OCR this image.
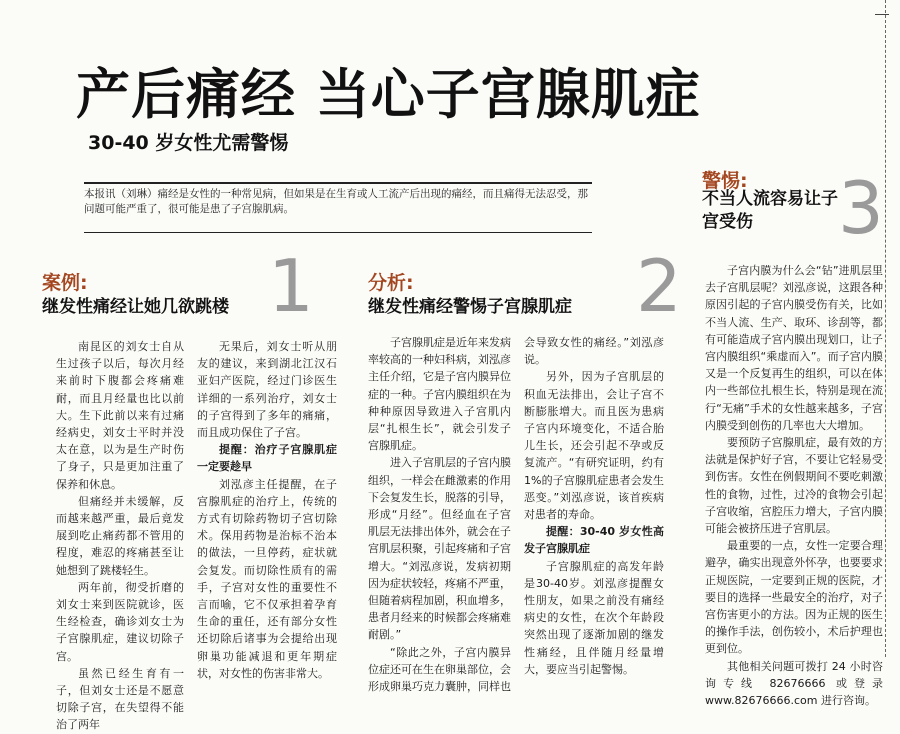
产后痛经 当心子宫腺肌症
30-40 岁女性尤需警惕
本报讯（刘琳）痛经是女性的一种常见病，但如果是在生育或人工流产后出现的痛经，而且痛得无法忍受，那问题可能严重了，很可能是患了子宫腺肌病。
案例:
继发性痛经让她几欲跳楼 1

南昆区的刘女士自从生过孩子以后，每次月经来前时下腹都会疼痛难耐，而且月经量也比以前大。生下此前以来有过痛经病史，刘女士平时并没太在意，以为是生产时伤了身子，只是更加注重了保养和休息。

但痛经并未缓解，反而越来越严重，最后竟发展到吃止痛药都不管用的程度，难忍的疼痛甚至让她想到了跳楼轻生。

两年前，彻受折磨的刘女士来到医院就诊，医生经检查，确诊刘女士为子宫腺肌症，建议切除子宫。

虽然已经生育有一子，但刘女士还是不愿意切除子宫，在失望得不能治了两年

无果后，刘女士听从朋友的建议，来到湖北江汉石亚妇产医院，经过门诊医生详细的一系列治疗，刘女士的子宫得到了多年的痛痛，而且成功保住了子宫。

提醒：治疗子宫腺肌症一定要趁早

刘泓彦主任提醒，在子宫腺肌症的治疗上，传统的方式有切除药物切子宫切除术。保用药物是治标不治本的做法，一旦停药，症状就会复发。而切除性质有的需手，子宫对女性的重要性不言而喻，它不仅承担着孕育生命的重任，还有部分女性还切除后诸事为会提给出现卵巢功能减退和更年期症状，对女性的伤害非常大。

分析:
继发性痛经警惕子宫腺肌症 2

子宫腺肌症是近年来发病率较高的一种妇科病，刘泓彦主任介绍，它是子宫内膜异位症的一种。子宫内膜组织在为种种原因导致进入子宫肌内层“扎根生长”，就会引发子宫腺肌症。

进入子宫肌层的子宫内膜组织，一样会在雌激素的作用下会复发生长，脱落的引导，形成“月经”。但经血在子宫肌层无法排出体外，就会在子宫肌层积聚，引起疼痛和子宫增大。“刘泓彦说，发病初期因为症状较轻，疼痛不严重，但随着病程加剧，积血增多，患者月经来的时候都会疼痛难耐剧。”

“除此之外，子宫内膜异位症还可在生在卵巢部位，会形成卵巢巧克力囊肿，同样也

会导致女性的痛经。”刘泓彦说。

另外，因为子宫肌层的积血无法排出，会让子宫不断膨胀增大。而且医为患病子宫内环境变化，不适合胎儿生长，还会引起不孕或反复流产。“有研究证明，约有1%的子宫腺肌症患者会发生恶变。”刘泓彦说，该首疾病对患者的寿命。

提醒：30-40 岁女性高发子宫腺肌症

子宫腺肌症的高发年龄是30-40岁。刘泓彦提醒女性朋友，如果之前没有痛经病史的女性，在次个年龄段突然出现了逐渐加剧的继发性痛经，且伴随月经量增大，要应当引起警惕。

警惕:
不当人流容易让子宫受伤	3

子宫内膜为什么会“钻”进肌层里去子宫肌层呢？刘泓彦说，这跟各种原因引起的子宫内膜受伤有关，比如不当人流、生产、取环、诊刮等，都有可能造成子宫内膜出现划口，让子宫内膜组织“乘虚而入”。而子宫内膜又是一个反复再生的组织，可以在体内一些部位扎根生长，特别是现在流行“无痛”手术的女性越来越多，子宫内膜受到创伤的几率也大大增加。

要预防子宫腺肌症，最有效的方法就是保护好子宫，不要让它轻易受到伤害。女性在例假期间不要吃刺激性的食物，过性，过冷的食物会引起子宫收缩，宫腔压力增大，子宫内膜可能会被挤压进子宫肌层。

最重要的一点，女性一定要合理避孕，确实出现意外怀孕，也要要求正规医院，一定要到正规的医院，才要目的选择一些最安全的治疗，对子宫伤害更小的方法。因为正规的医生的操作手法，创伤较小，术后护理也更到位。

其他相关问题可拨打 24 小时咨询专线 82676666 或登录 www.82676666.com 进行咨询。
